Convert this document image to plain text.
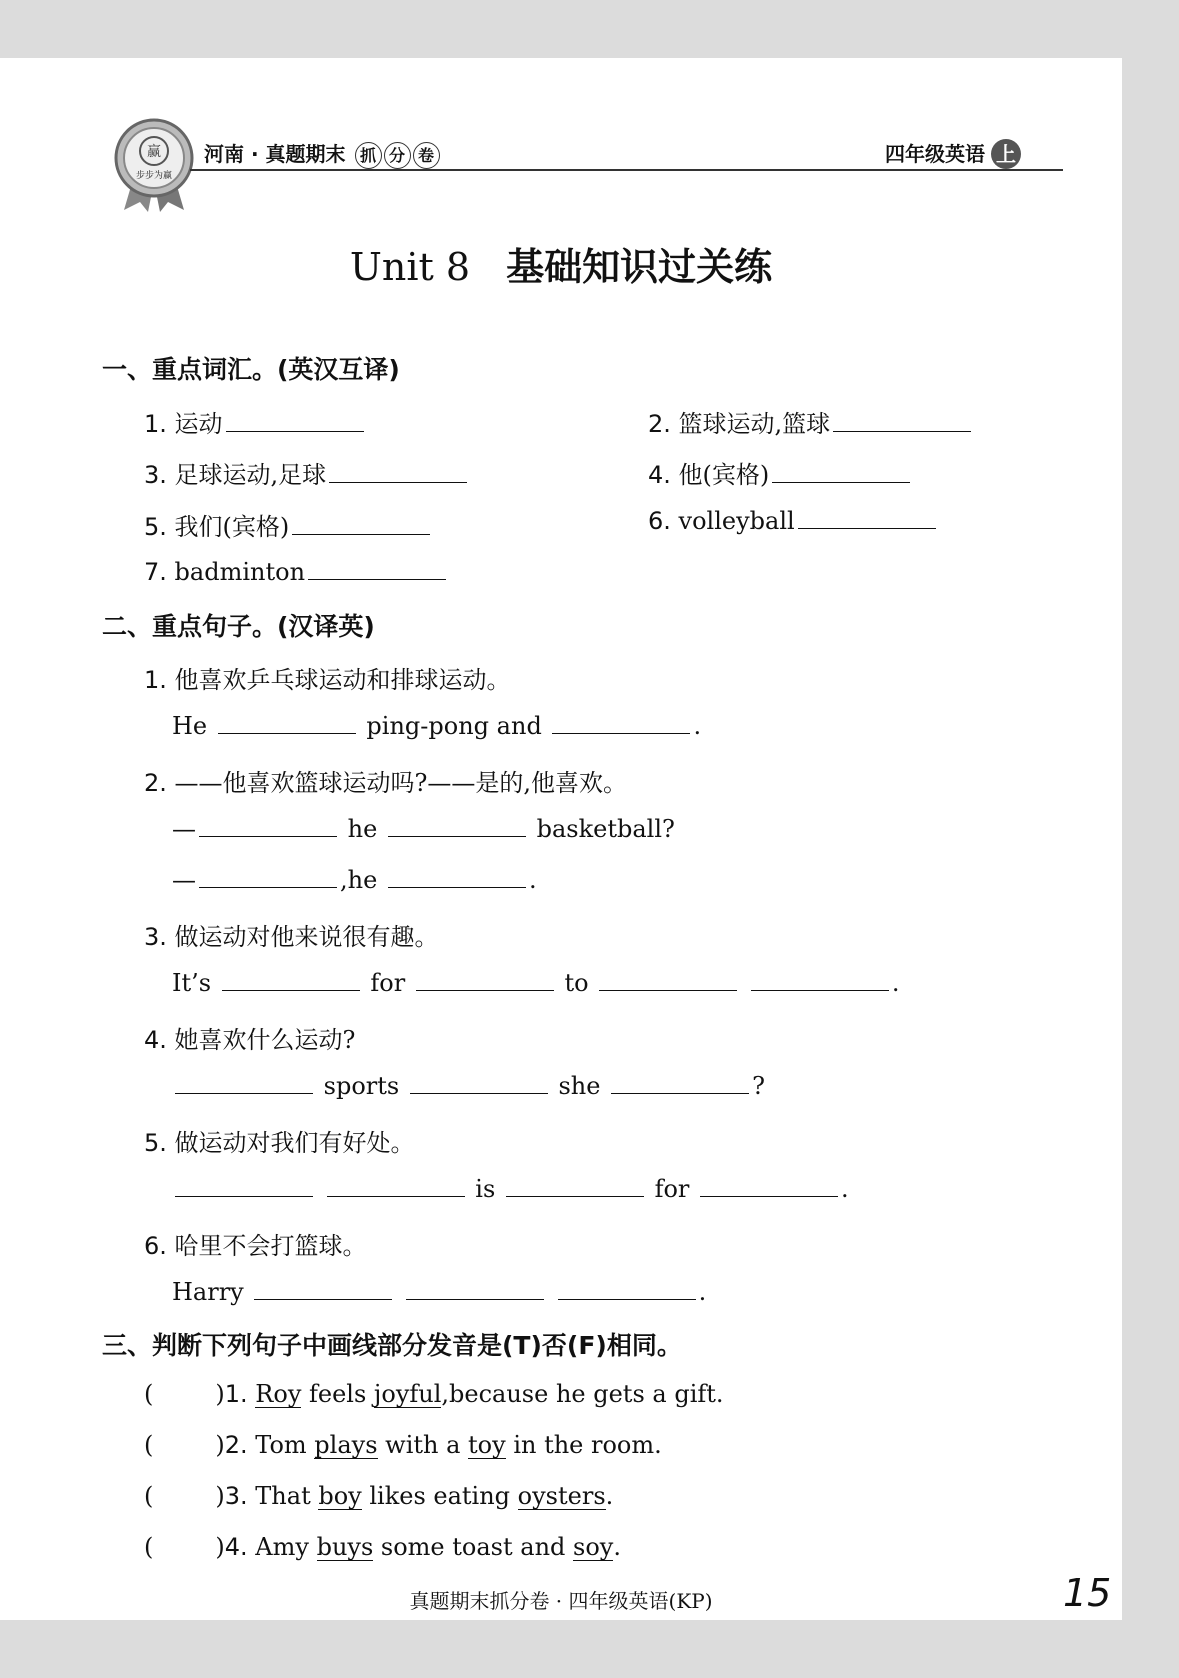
赢
步步为赢
河南 · 真题期末 抓 分 卷	四年级英语 上
Unit 8 基础知识过关练
一、重点词汇。(英汉互译)
1. 运动	2. 篮球运动,篮球
3. 足球运动,足球	4. 他(宾格)
5. 我们(宾格)	6. volleyball
7. badminton
二、重点句子。(汉译英)
1. 他喜欢乒乓球运动和排球运动。
He	ping-pong and	.
2. ——他喜欢篮球运动吗?——是的,他喜欢。
—	he	basketball?
—	,he	.
3. 做运动对他来说很有趣。
It’s	for	to	.
4. 她喜欢什么运动?
sports	she	?
5. 做运动对我们有好处。
is	for	.
6. 哈里不会打篮球。
Harry	.
三、判断下列句子中画线部分发音是(T)否(F)相同。
(	)1. Roy feels joyful,because he gets a gift.
(	)2. Tom plays with a toy in the room.
(	)3. That boy likes eating oysters.
(	)4. Amy buys some toast and soy.
真题期末抓分卷 · 四年级英语(KP)	15
